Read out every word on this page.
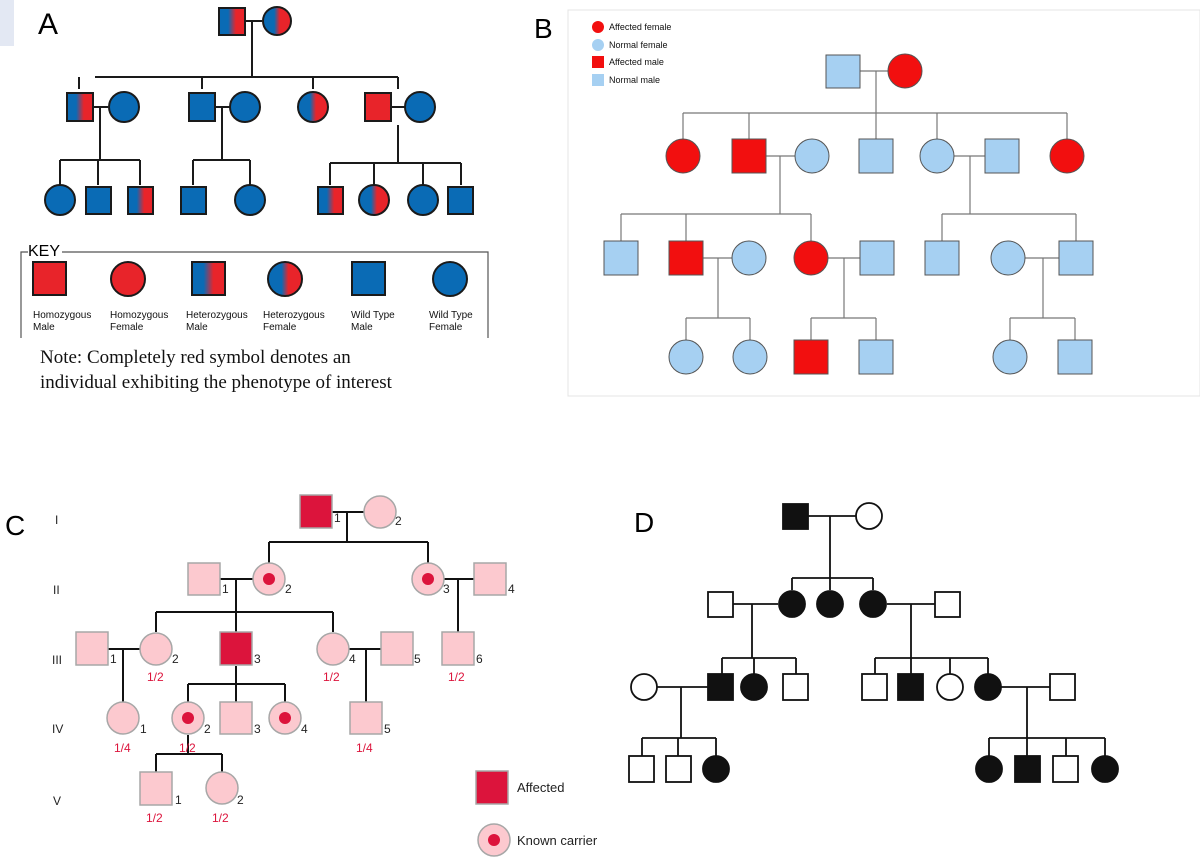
A
KEY
Homozygous
Male
Homozygous
Female
Heterozygous
Male
Heterozygous
Female
Wild Type
Male
Wild Type
Female
Note: Completely red symbol denotes an
individual exhibiting the phenotype of interest
B	Affected female
Normal female
Affected male
Normal male
C I
II
III
IV
V
1	2
1	2	3	4
1	2	3	4	5	6
1	2	3	4	5
1	2
1/2	1/2	1/2
1/4	1/2	1/4
1/2	1/2
Affected
Known carrier
D
